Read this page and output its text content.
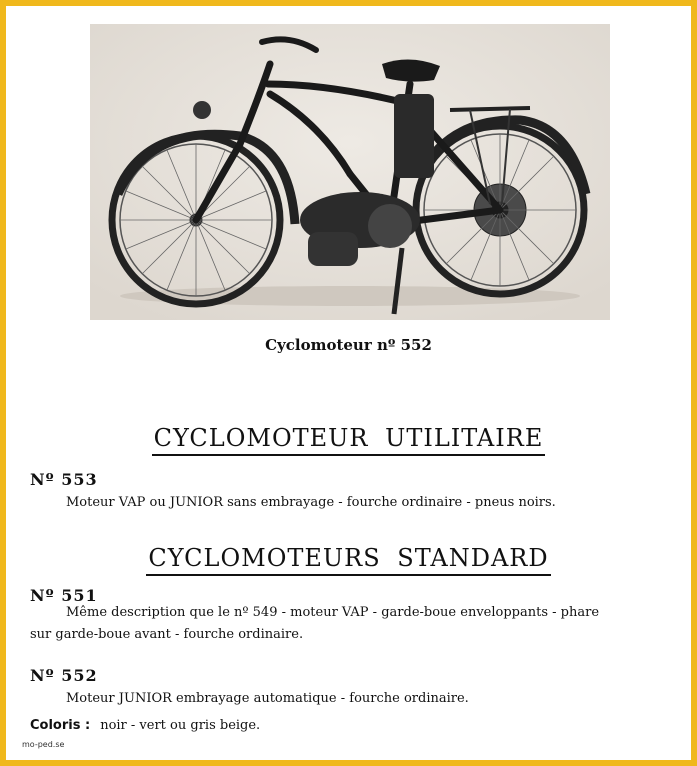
Cyclomoteur nº 552
CYCLOMOTEUR UTILITAIRE
Nº 553
Moteur VAP ou JUNIOR sans embrayage - fourche ordinaire - pneus noirs.
CYCLOMOTEURS STANDARD
Nº 551
Même description que le nº 549 - moteur VAP - garde-boue enveloppants - phare
sur garde-boue avant - fourche ordinaire.
Nº 552
Moteur JUNIOR embrayage automatique - fourche ordinaire.
Coloris : noir - vert ou gris beige.
mo-ped.se
